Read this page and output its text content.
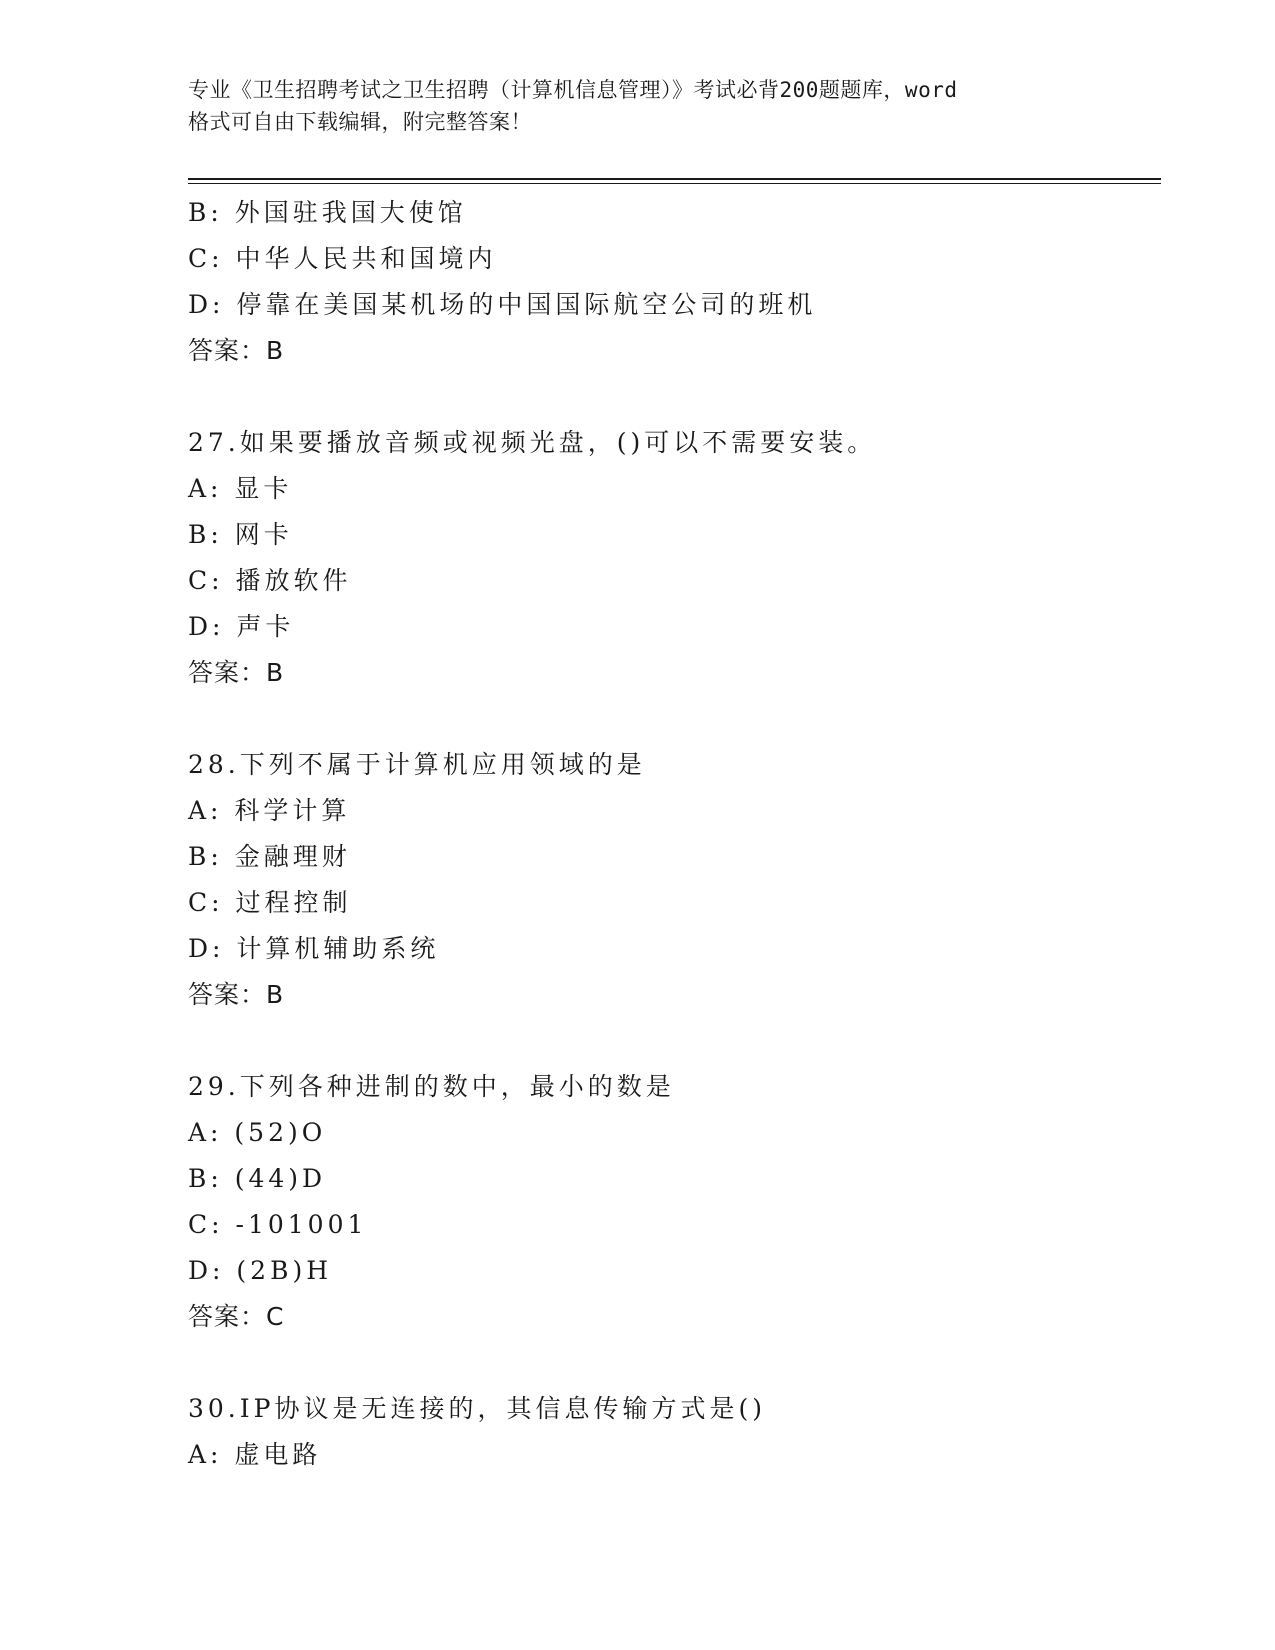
专业《卫生招聘考试之卫生招聘（计算机信息管理）》考试必背200题题库，word
格式可自由下载编辑，附完整答案！
B: 外国驻我国大使馆
C: 中华人民共和国境内
D: 停靠在美国某机场的中国国际航空公司的班机
答案：B
27.如果要播放音频或视频光盘，()可以不需要安装。
A: 显卡
B: 网卡
C: 播放软件
D: 声卡
答案：B
28.下列不属于计算机应用领域的是
A: 科学计算
B: 金融理财
C: 过程控制
D: 计算机辅助系统
答案：B
29.下列各种进制的数中，最小的数是
A: (52)O
B: (44)D
C: -101001
D: (2B)H
答案：C
30.IP协议是无连接的，其信息传输方式是()
A: 虚电路
